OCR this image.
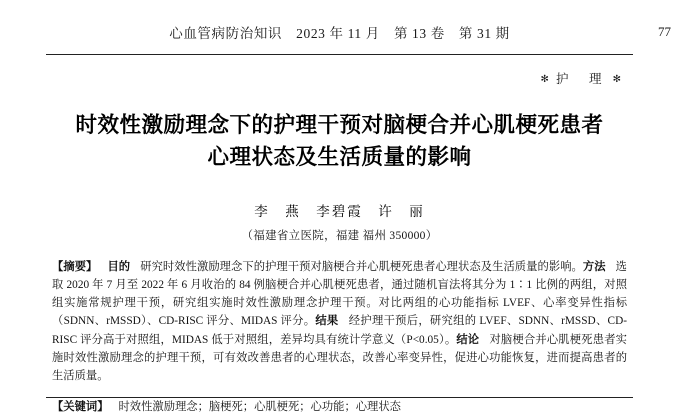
心血管病防治知识　2023 年 11 月　第 13 卷　第 31 期	77
✻ 护　理 ✻
时效性激励理念下的护理干预对脑梗合并心肌梗死患者
心理状态及生活质量的影响
李　燕　李碧霞　许　丽
（福建省立医院，福建 福州 350000）

【摘要】 目的 研究时效性激励理念下的护理干预对脑梗合并心肌梗死患者心理状态及生活质量的影响。方法 选取 2020 年 7 月至 2022 年 6 月收治的 84 例脑梗合并心肌梗死患者，通过随机盲法将其分为 1∶1 比例的两组，对照组实施常规护理干预，研究组实施时效性激励理念护理干预。对比两组的心功能指标 LVEF、心率变异性指标（SDNN、rMSSD）、CD-RISC 评分、MIDAS 评分。结果 经护理干预后，研究组的 LVEF、SDNN、rMSSD、CD-RISC 评分高于对照组，MIDAS 低于对照组，差异均具有统计学意义（P<0.05）。结论 对脑梗合并心肌梗死患者实施时效性激励理念的护理干预，可有效改善患者的心理状态，改善心率变异性，促进心功能恢复，进而提高患者的生活质量。

【关键词】 时效性激励理念；脑梗死；心肌梗死；心功能；心理状态
